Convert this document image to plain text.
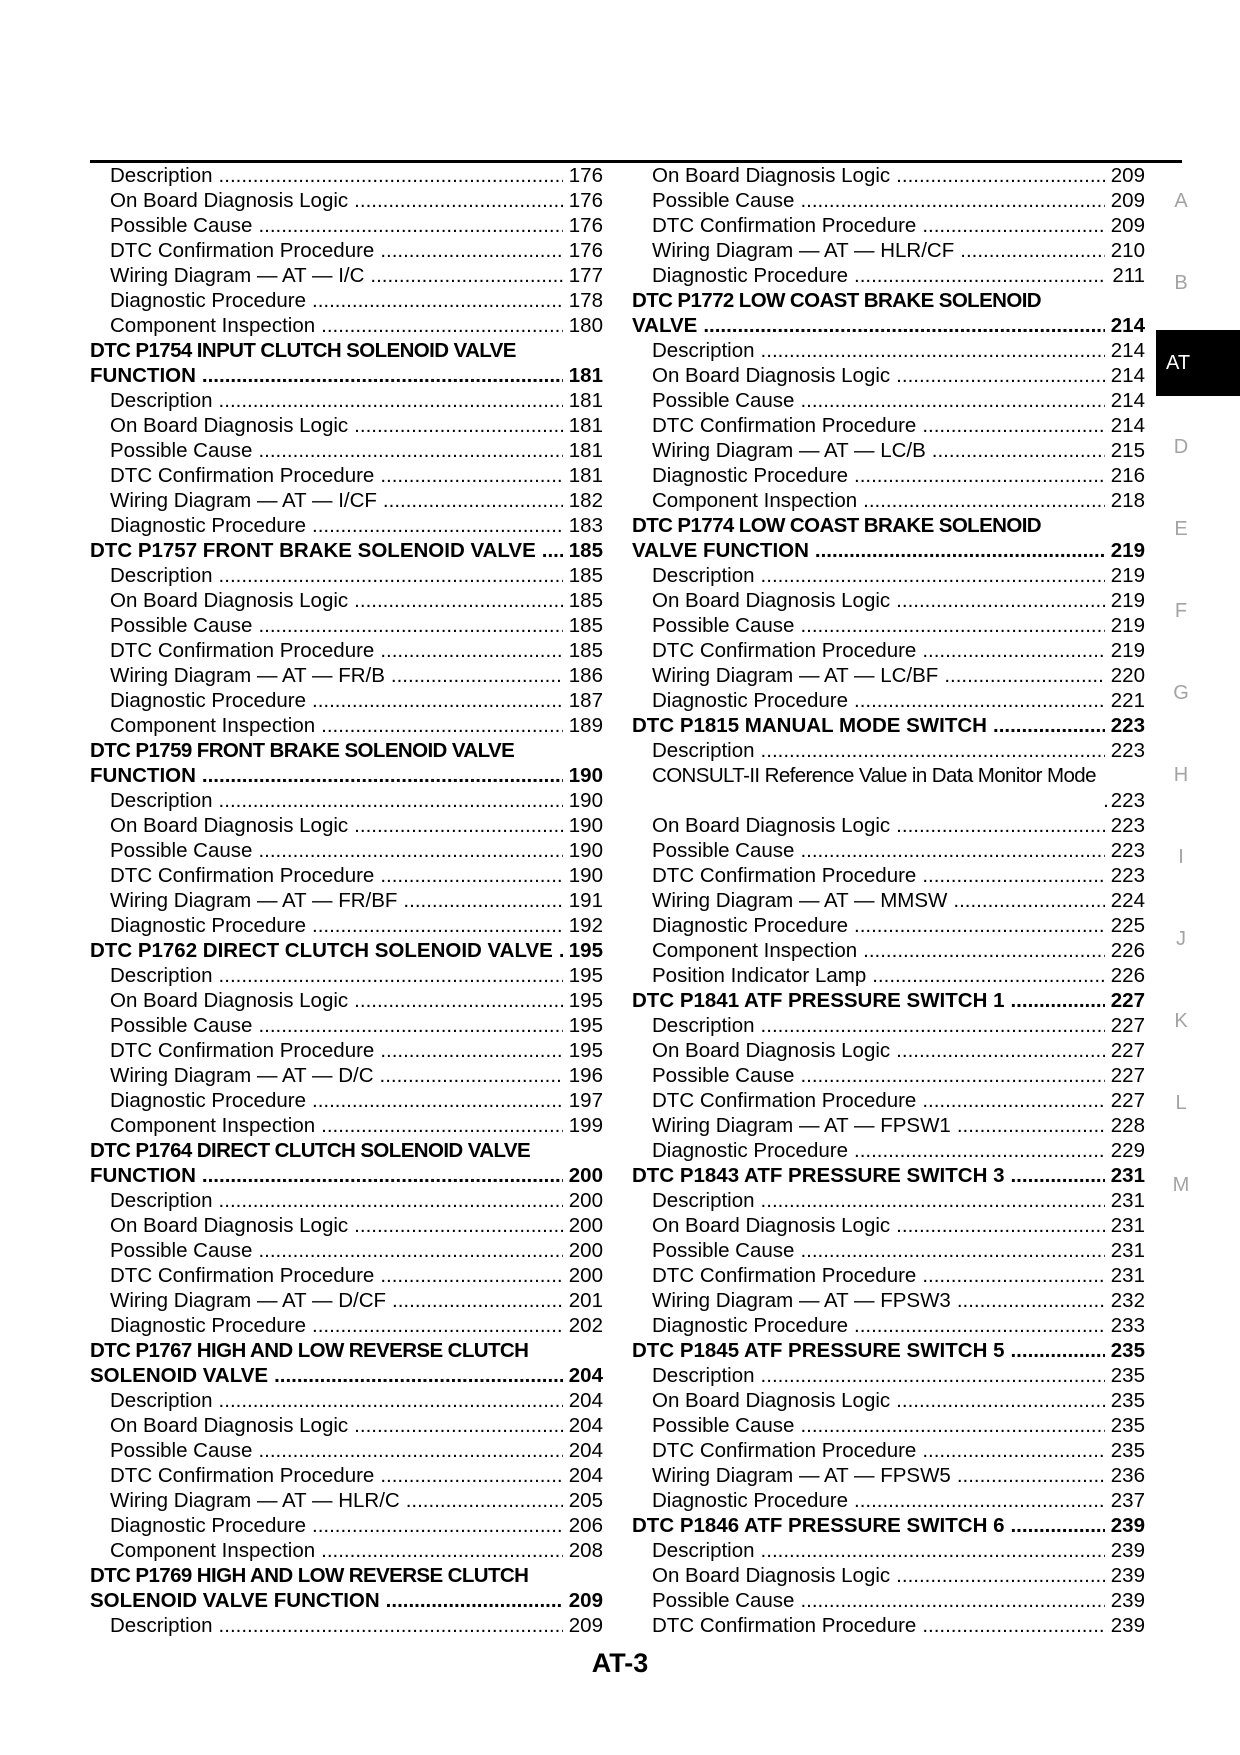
Description .....	176
On Board Diagnosis Logic .....	176
Possible Cause .....	176
DTC Confirmation Procedure .....	176
Wiring Diagram — AT — I/C .....	177
Diagnostic Procedure .....	178
Component Inspection .....	180
DTC P1754 INPUT CLUTCH SOLENOID VALVE
FUNCTION .....	181
Description .....	181
On Board Diagnosis Logic .....	181
Possible Cause .....	181
DTC Confirmation Procedure .....	181
Wiring Diagram — AT — I/CF .....	182
Diagnostic Procedure .....	183
DTC P1757 FRONT BRAKE SOLENOID VALVE ..... 185
Description .....	185
On Board Diagnosis Logic .....	185
Possible Cause .....	185
DTC Confirmation Procedure .....	185
Wiring Diagram — AT — FR/B .....	186
Diagnostic Procedure .....	187
Component Inspection .....	189
DTC P1759 FRONT BRAKE SOLENOID VALVE
FUNCTION .....	190
Description .....	190
On Board Diagnosis Logic .....	190
Possible Cause .....	190
DTC Confirmation Procedure .....	190
Wiring Diagram — AT — FR/BF .....	191
Diagnostic Procedure .....	192
DTC P1762 DIRECT CLUTCH SOLENOID VALVE ..... 195
Description .....	195
On Board Diagnosis Logic .....	195
Possible Cause .....	195
DTC Confirmation Procedure .....	195
Wiring Diagram — AT — D/C .....	196
Diagnostic Procedure .....	197
Component Inspection .....	199
DTC P1764 DIRECT CLUTCH SOLENOID VALVE
FUNCTION .....	200
Description .....	200
On Board Diagnosis Logic .....	200
Possible Cause .....	200
DTC Confirmation Procedure .....	200
Wiring Diagram — AT — D/CF .....	201
Diagnostic Procedure .....	202
DTC P1767 HIGH AND LOW REVERSE CLUTCH
SOLENOID VALVE .....	204
Description .....	204
On Board Diagnosis Logic .....	204
Possible Cause .....	204
DTC Confirmation Procedure .....	204
Wiring Diagram — AT — HLR/C .....	205
Diagnostic Procedure .....	206
Component Inspection .....	208
DTC P1769 HIGH AND LOW REVERSE CLUTCH
SOLENOID VALVE FUNCTION .....	209
Description .....	209
On Board Diagnosis Logic .....	209
Possible Cause .....	209
DTC Confirmation Procedure .....	209
Wiring Diagram — AT — HLR/CF .....	210
Diagnostic Procedure .....	211
DTC P1772 LOW COAST BRAKE SOLENOID
VALVE .....	214
Description .....	214
On Board Diagnosis Logic .....	214
Possible Cause .....	214
DTC Confirmation Procedure .....	214
Wiring Diagram — AT — LC/B .....	215
Diagnostic Procedure .....	216
Component Inspection .....	218
DTC P1774 LOW COAST BRAKE SOLENOID
VALVE FUNCTION .....	219
Description .....	219
On Board Diagnosis Logic .....	219
Possible Cause .....	219
DTC Confirmation Procedure .....	219
Wiring Diagram — AT — LC/BF .....	220
Diagnostic Procedure .....	221
DTC P1815 MANUAL MODE SWITCH .....	223
Description .....	223
CONSULT-II Reference Value in Data Monitor Mode
.
223
On Board Diagnosis Logic .....	223
Possible Cause .....	223
DTC Confirmation Procedure .....	223
Wiring Diagram — AT — MMSW .....	224
Diagnostic Procedure .....	225
Component Inspection .....	226
Position Indicator Lamp .....	226
DTC P1841 ATF PRESSURE SWITCH 1 .....	227
Description .....	227
On Board Diagnosis Logic .....	227
Possible Cause .....	227
DTC Confirmation Procedure .....	227
Wiring Diagram — AT — FPSW1 .....	228
Diagnostic Procedure .....	229
DTC P1843 ATF PRESSURE SWITCH 3 .....	231
Description .....	231
On Board Diagnosis Logic .....	231
Possible Cause .....	231
DTC Confirmation Procedure .....	231
Wiring Diagram — AT — FPSW3 .....	232
Diagnostic Procedure .....	233
DTC P1845 ATF PRESSURE SWITCH 5 .....	235
Description .....	235
On Board Diagnosis Logic .....	235
Possible Cause .....	235
DTC Confirmation Procedure .....	235
Wiring Diagram — AT — FPSW5 .....	236
Diagnostic Procedure .....	237
DTC P1846 ATF PRESSURE SWITCH 6 .....	239
Description .....	239
On Board Diagnosis Logic .....	239
Possible Cause .....	239
DTC Confirmation Procedure .....	239
A
B
AT
D
E
F
G
H
I
J
K
L
M
AT-3
